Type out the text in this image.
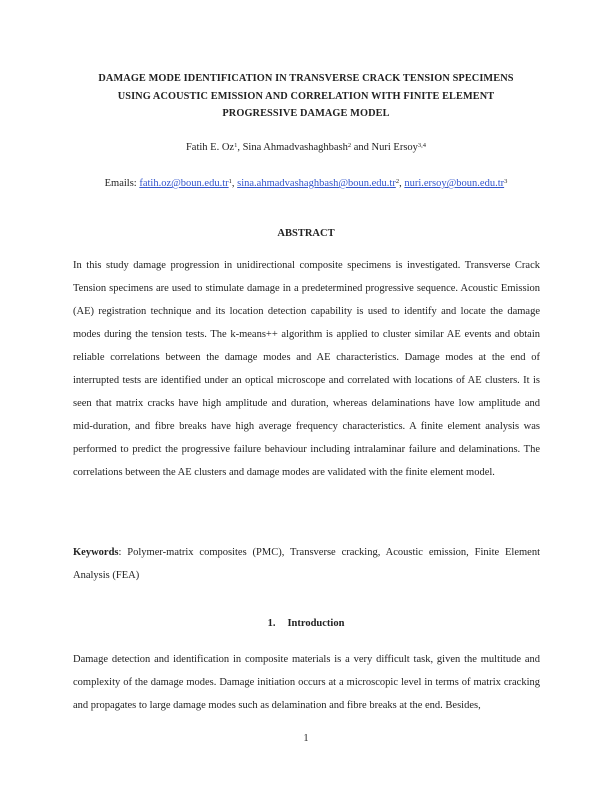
DAMAGE MODE IDENTIFICATION IN TRANSVERSE CRACK TENSION SPECIMENS
USING ACOUSTIC EMISSION AND CORRELATION WITH FINITE ELEMENT
PROGRESSIVE DAMAGE MODEL
Fatih E. Oz$^1$, Sina Ahmadvashaghbash$^2$ and Nuri Ersoy$^{3,4}$
Emails: $fatih.oz@boun.edu.tr^1$, $\sin a.ahmadvashaghbash@boun.edu.tr^2$, $nuri.ersoy@boun.edu.tr^3$
ABSTRACT
In this study damage progression in unidirectional composite specimens is investigated. Transverse Crack Tension specimens are used to stimulate damage in a predetermined progressive sequence. Acoustic Emission (AE) registration technique and its location detection capability is used to identify and locate the damage modes during the tension tests. The k-means++ algorithm is applied to cluster similar AE events and obtain reliable correlations between the damage modes and AE characteristics. Damage modes at the end of interrupted tests are identified under an optical microscope and correlated with locations of AE clusters. It is seen that matrix cracks have high amplitude and duration, whereas delaminations have low amplitude and mid-duration, and fibre breaks have high average frequency characteristics. A finite element analysis was performed to predict the progressive failure behaviour including intralaminar failure and delaminations. The correlations between the AE clusters and damage modes are validated with the finite element model.
Keywords: Polymer-matrix composites (PMC), Transverse cracking, Acoustic emission, Finite Element Analysis (FEA)
1. Introduction
Damage detection and identification in composite materials is a very difficult task, given the multitude and complexity of the damage modes. Damage initiation occurs at a microscopic level in terms of matrix cracking and propagates to large damage modes such as delamination and fibre breaks at the end. Besides,
1
